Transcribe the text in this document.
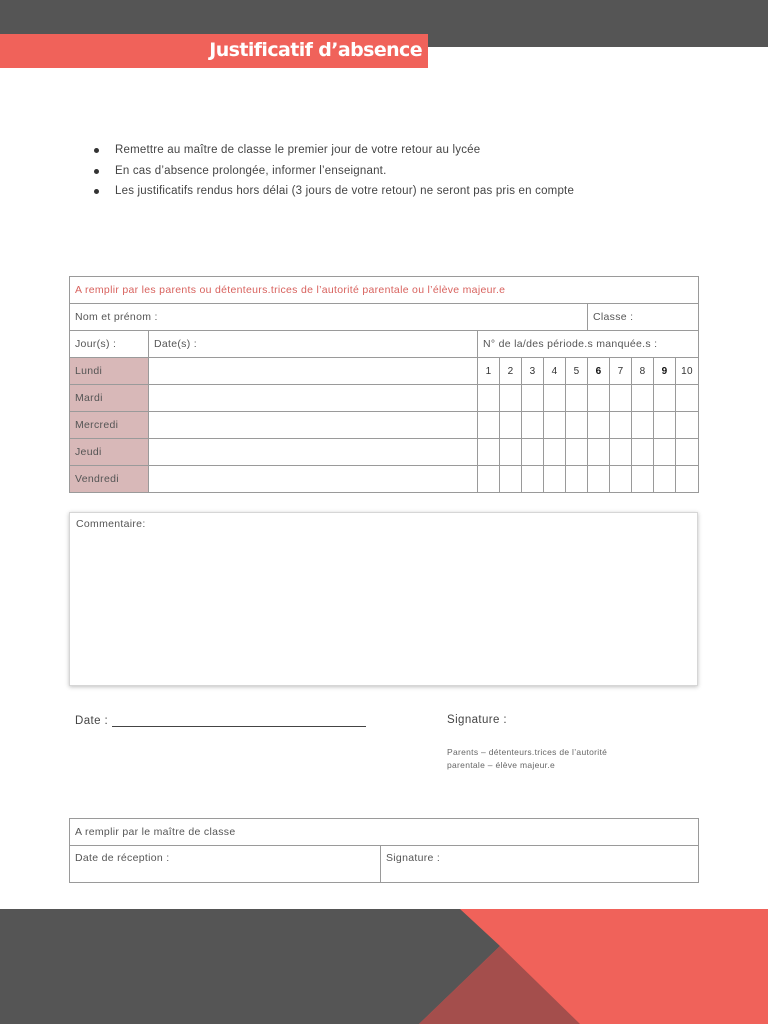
Justificatif d’absence
Remettre au maître de classe le premier jour de votre retour au lycée
En cas d’absence prolongée, informer l’enseignant.
Les justificatifs rendus hors délai (3 jours de votre retour) ne seront pas pris en compte
A remplir par les parents ou détenteurs.trices de l’autorité parentale ou l’élève majeur.e											
Nom et prénom :							Classe :				
Jour(s) :	Date(s) :	N° de la/des période.s manquée.s :									
Lundi		1	2	3	4	5	6	7	8	9	10
Mardi											
Mercredi											
Jeudi											
Vendredi											
Commentaire:
Date :	Signature :
Parents – détenteurs.trices de l’autorité
parentale – élève majeur.e
A remplir par le maître de classe
Date de réception :	Signature :
